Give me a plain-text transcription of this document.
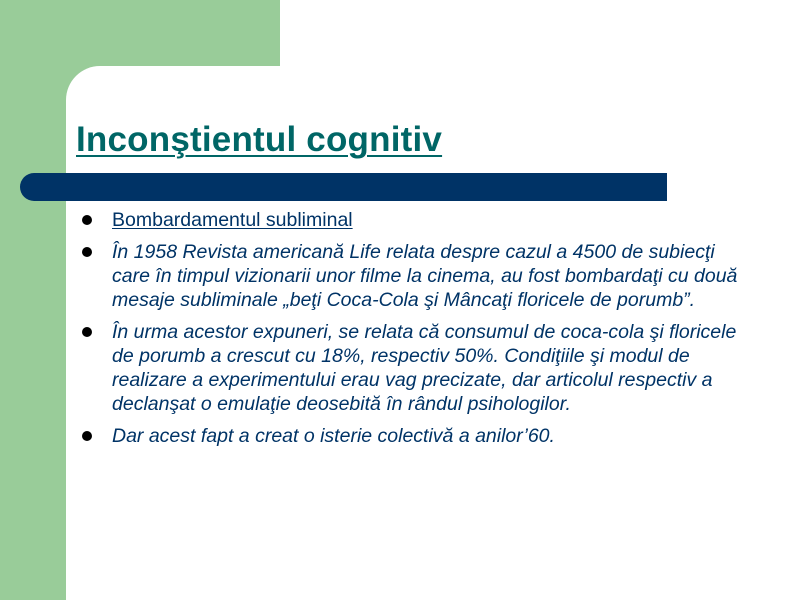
Inconştientul cognitiv
Bombardamentul subliminal
În 1958 Revista americană Life relata despre cazul a 4500 de subiecţi care în timpul vizionarii unor filme la cinema, au fost bombardaţi cu două mesaje subliminale „beţi Coca-Cola şi Mâncaţi floricele de porumb”.
În urma acestor expuneri, se relata că consumul de coca-cola şi floricele de porumb a crescut cu 18%, respectiv 50%. Condiţiile şi modul de realizare a experimentului erau vag precizate, dar articolul respectiv a declanşat o emulaţie deosebită în rândul psihologilor.
Dar acest fapt a creat o isterie colectivă a anilor’60.
